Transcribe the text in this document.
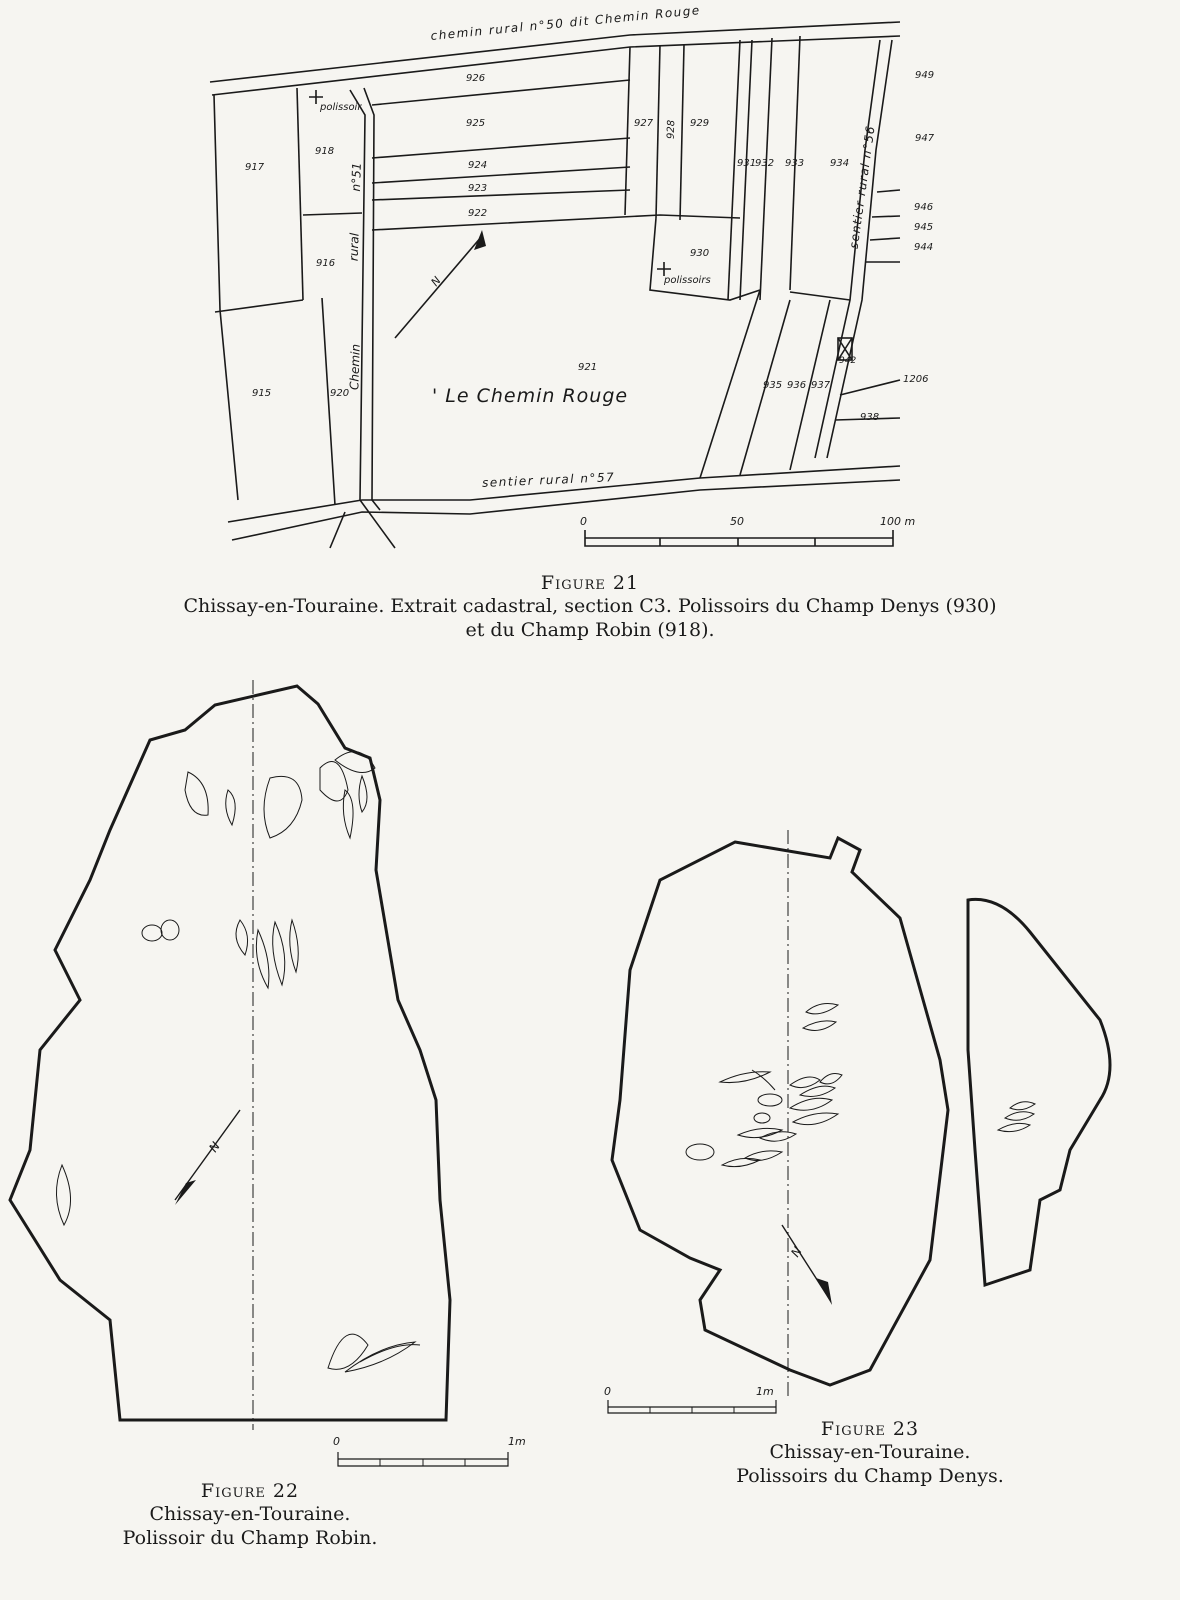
chemin rural n°50 dit Chemin Rouge
sentier rural n°57
Chemin
rural
n°51	sentier rural n°56
' Le Chemin Rouge
polissoir
polissoirs
N
0	50	100 m
926
925
924
923
922
927 928 929
931
932 933	934
949
947
946
945
944
930
917
918
916
915	920
921
935 936 937
942
1206
938
Figure 21
Chissay-en-Touraine. Extrait cadastral, section C3. Polissoirs du Champ Denys (930)
et du Champ Robin (918).
N
0	1m
N
0	1m
Figure 22
Chissay-en-Touraine.
Polissoir du Champ Robin.
Figure 23
Chissay-en-Touraine.
Polissoirs du Champ Denys.
